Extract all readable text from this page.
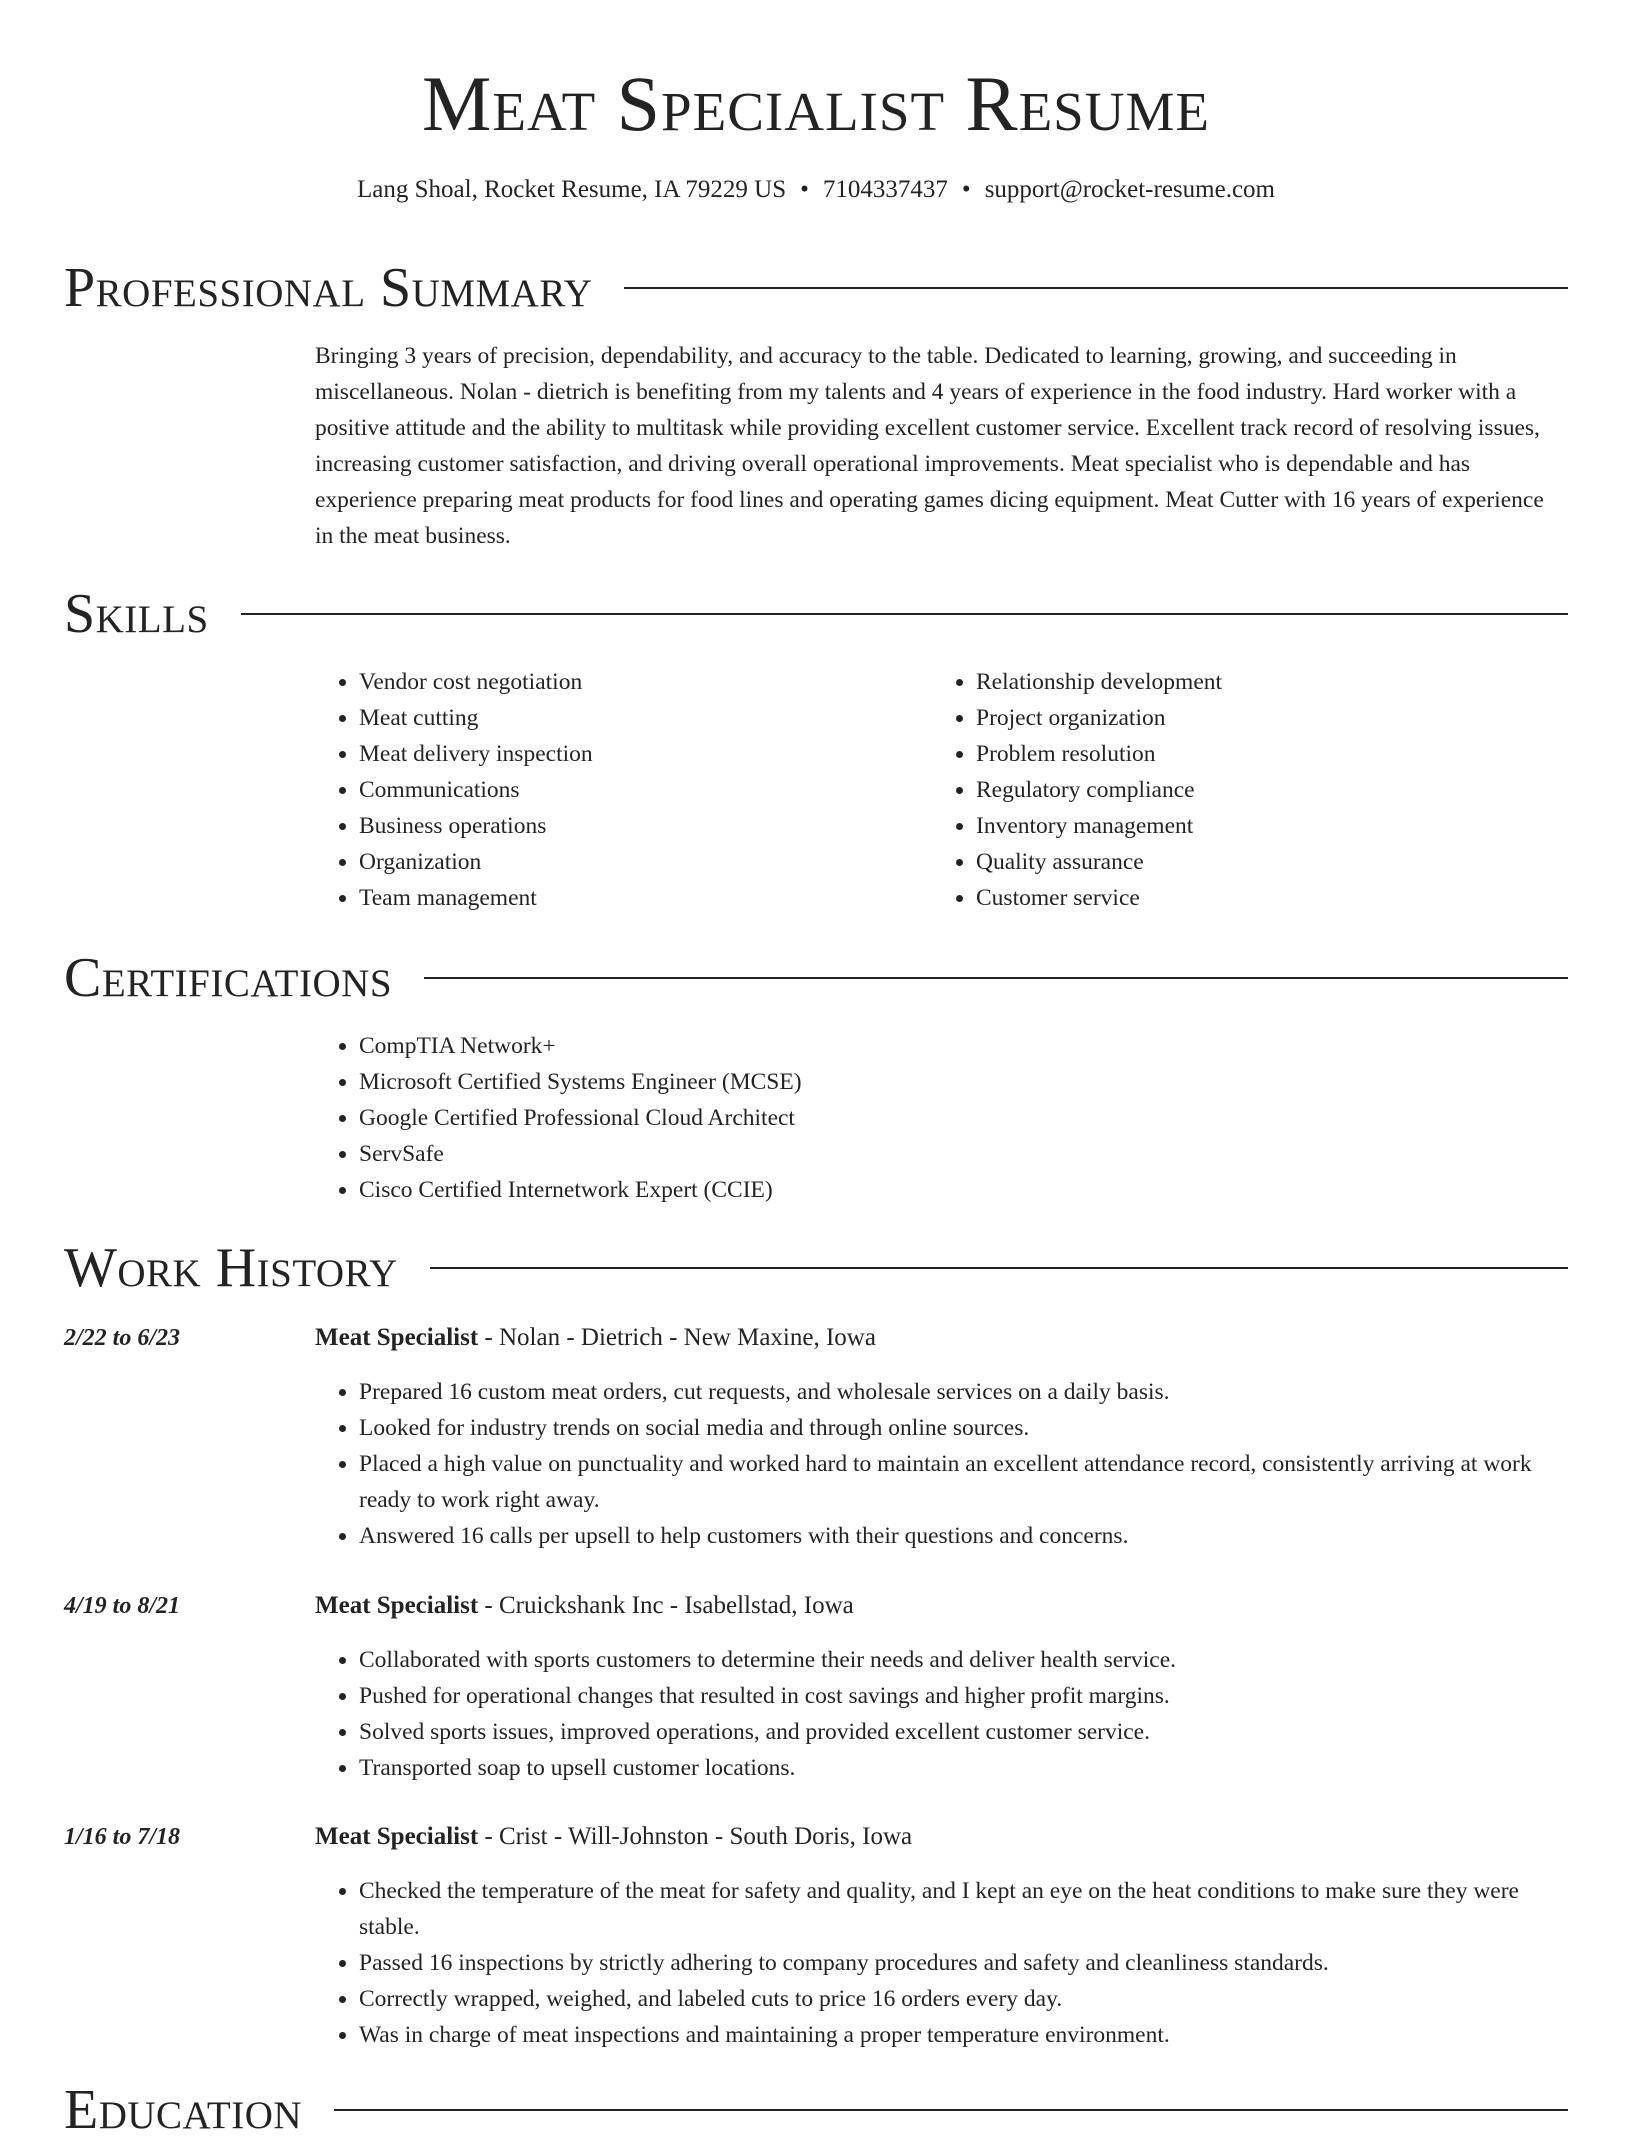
Meat Specialist Resume
Lang Shoal, Rocket Resume, IA 79229 US • 7104337437 • support@rocket-resume.com
Professional Summary

Bringing 3 years of precision, dependability, and accuracy to the table. Dedicated to learning, growing, and succeeding in miscellaneous. Nolan - dietrich is benefiting from my talents and 4 years of experience in the food industry. Hard worker with a positive attitude and the ability to multitask while providing excellent customer service. Excellent track record of resolving issues, increasing customer satisfaction, and driving overall operational improvements. Meat specialist who is dependable and has experience preparing meat products for food lines and operating games dicing equipment. Meat Cutter with 16 years of experience in the meat business.

Skills
• Vendor cost negotiation
• Meat cutting
• Meat delivery inspection
• Communications
• Business operations
• Organization
• Team management
• Relationship development
• Project organization
• Problem resolution
• Regulatory compliance
• Inventory management
• Quality assurance
• Customer service
Certifications
• CompTIA Network+
• Microsoft Certified Systems Engineer (MCSE)
• Google Certified Professional Cloud Architect
• ServSafe
• Cisco Certified Internetwork Expert (CCIE)
Work History
2/22 to 6/23	Meat Specialist - Nolan - Dietrich - New Maxine, Iowa
• Prepared 16 custom meat orders, cut requests, and wholesale services on a daily basis.
• Looked for industry trends on social media and through online sources.
• Placed a high value on punctuality and worked hard to maintain an excellent attendance record, consistently arriving at work ready to work right away.
• Answered 16 calls per upsell to help customers with their questions and concerns.
4/19 to 8/21	Meat Specialist - Cruickshank Inc - Isabellstad, Iowa
• Collaborated with sports customers to determine their needs and deliver health service.
• Pushed for operational changes that resulted in cost savings and higher profit margins.
• Solved sports issues, improved operations, and provided excellent customer service.
• Transported soap to upsell customer locations.
1/16 to 7/18	Meat Specialist - Crist - Will-Johnston - South Doris, Iowa
• Checked the temperature of the meat for safety and quality, and I kept an eye on the heat conditions to make sure they were stable.
• Passed 16 inspections by strictly adhering to company procedures and safety and cleanliness standards.
• Correctly wrapped, weighed, and labeled cuts to price 16 orders every day.
• Was in charge of meat inspections and maintaining a proper temperature environment.
Education
